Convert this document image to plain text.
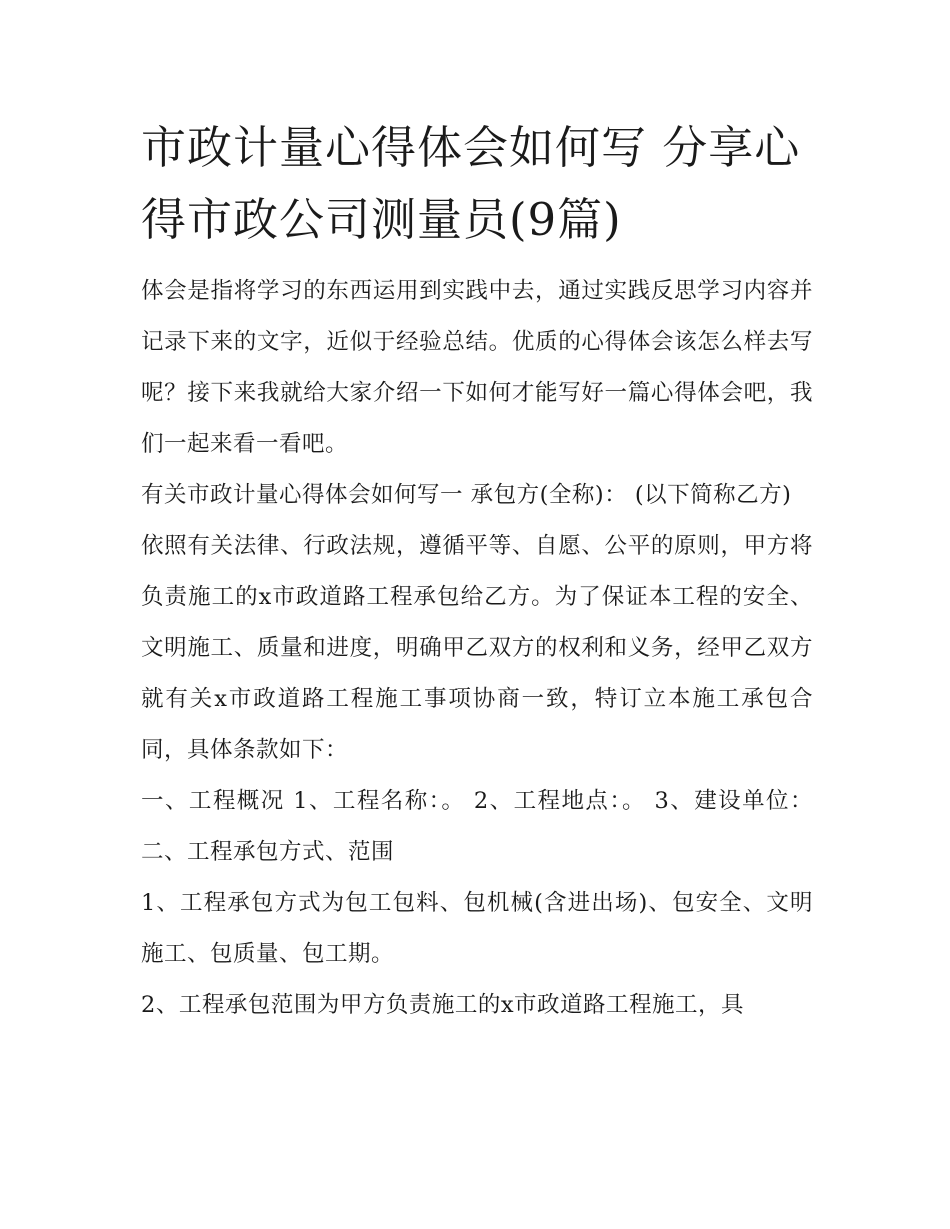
市政计量心得体会如何写 分享心得市政公司测量员(9篇)

体会是指将学习的东西运用到实践中去，通过实践反思学习内容并记录下来的文字，近似于经验总结。优质的心得体会该怎么样去写呢？接下来我就给大家介绍一下如何才能写好一篇心得体会吧，我们一起来看一看吧。

有关市政计量心得体会如何写一 承包方(全称)： (以下简称乙方)

依照有关法律、行政法规，遵循平等、自愿、公平的原则，甲方将负责施工的x市政道路工程承包给乙方。为了保证本工程的安全、文明施工、质量和进度，明确甲乙双方的权利和义务，经甲乙双方就有关x市政道路工程施工事项协商一致，特订立本施工承包合同，具体条款如下：

一、工程概况 1、工程名称：。 2、工程地点：。 3、建设单位： 二、工程承包方式、范围

1、工程承包方式为包工包料、包机械(含进出场)、包安全、文明施工、包质量、包工期。

2、工程承包范围为甲方负责施工的x市政道路工程施工，具
